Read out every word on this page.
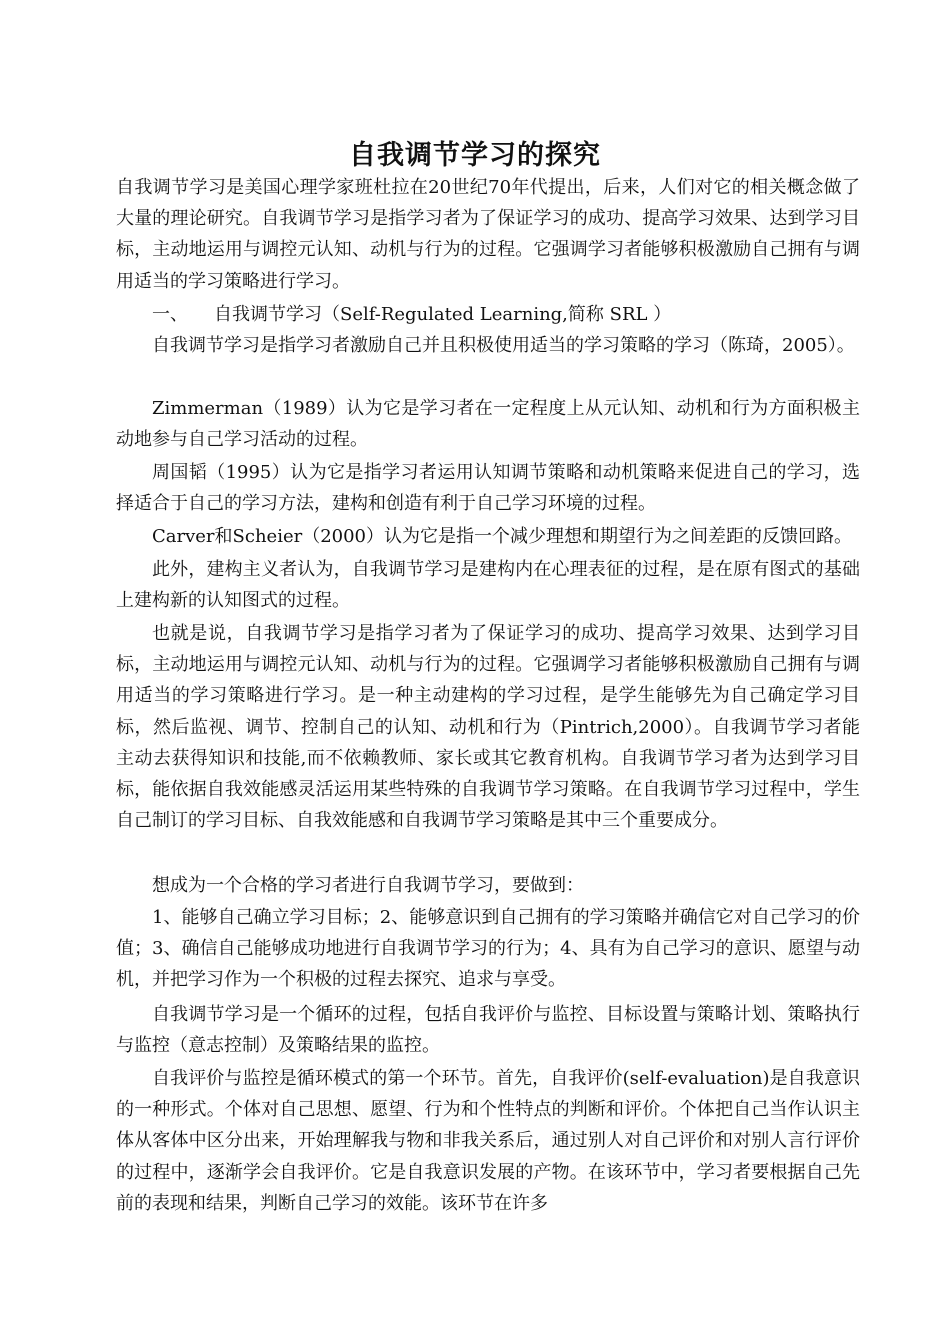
自我调节学习的探究

自我调节学习是美国心理学家班杜拉在20世纪70年代提出，后来，人们对它的相关概念做了大量的理论研究。自我调节学习是指学习者为了保证学习的成功、提高学习效果、达到学习目标，主动地运用与调控元认知、动机与行为的过程。它强调学习者能够积极激励自己拥有与调用适当的学习策略进行学习。

一、 自我调节学习（Self-Regulated Learning,简称 SRL ）

自我调节学习是指学习者激励自己并且积极使用适当的学习策略的学习（陈琦，2005）。

Zimmerman（1989）认为它是学习者在一定程度上从元认知、动机和行为方面积极主动地参与自己学习活动的过程。

周国韬（1995）认为它是指学习者运用认知调节策略和动机策略来促进自己的学习，选择适合于自己的学习方法，建构和创造有利于自己学习环境的过程。

Carver和Scheier（2000）认为它是指一个减少理想和期望行为之间差距的反馈回路。

此外，建构主义者认为，自我调节学习是建构内在心理表征的过程，是在原有图式的基础上建构新的认知图式的过程。

也就是说，自我调节学习是指学习者为了保证学习的成功、提高学习效果、达到学习目标，主动地运用与调控元认知、动机与行为的过程。它强调学习者能够积极激励自己拥有与调用适当的学习策略进行学习。是一种主动建构的学习过程，是学生能够先为自己确定学习目标，然后监视、调节、控制自己的认知、动机和行为（Pintrich,2000）。自我调节学习者能主动去获得知识和技能,而不依赖教师、家长或其它教育机构。自我调节学习者为达到学习目标，能依据自我效能感灵活运用某些特殊的自我调节学习策略。在自我调节学习过程中，学生自己制订的学习目标、自我效能感和自我调节学习策略是其中三个重要成分。

想成为一个合格的学习者进行自我调节学习，要做到：

1、能够自己确立学习目标；2、能够意识到自己拥有的学习策略并确信它对自己学习的价值；3、确信自己能够成功地进行自我调节学习的行为；4、具有为自己学习的意识、愿望与动机，并把学习作为一个积极的过程去探究、追求与享受。

自我调节学习是一个循环的过程，包括自我评价与监控、目标设置与策略计划、策略执行与监控（意志控制）及策略结果的监控。

自我评价与监控是循环模式的第一个环节。首先，自我评价(self-evaluation)是自我意识的一种形式。个体对自己思想、愿望、行为和个性特点的判断和评价。个体把自己当作认识主体从客体中区分出来，开始理解我与物和非我关系后，通过别人对自己评价和对别人言行评价的过程中，逐渐学会自我评价。它是自我意识发展的产物。在该环节中，学习者要根据自己先前的表现和结果，判断自己学习的效能。该环节在许多
